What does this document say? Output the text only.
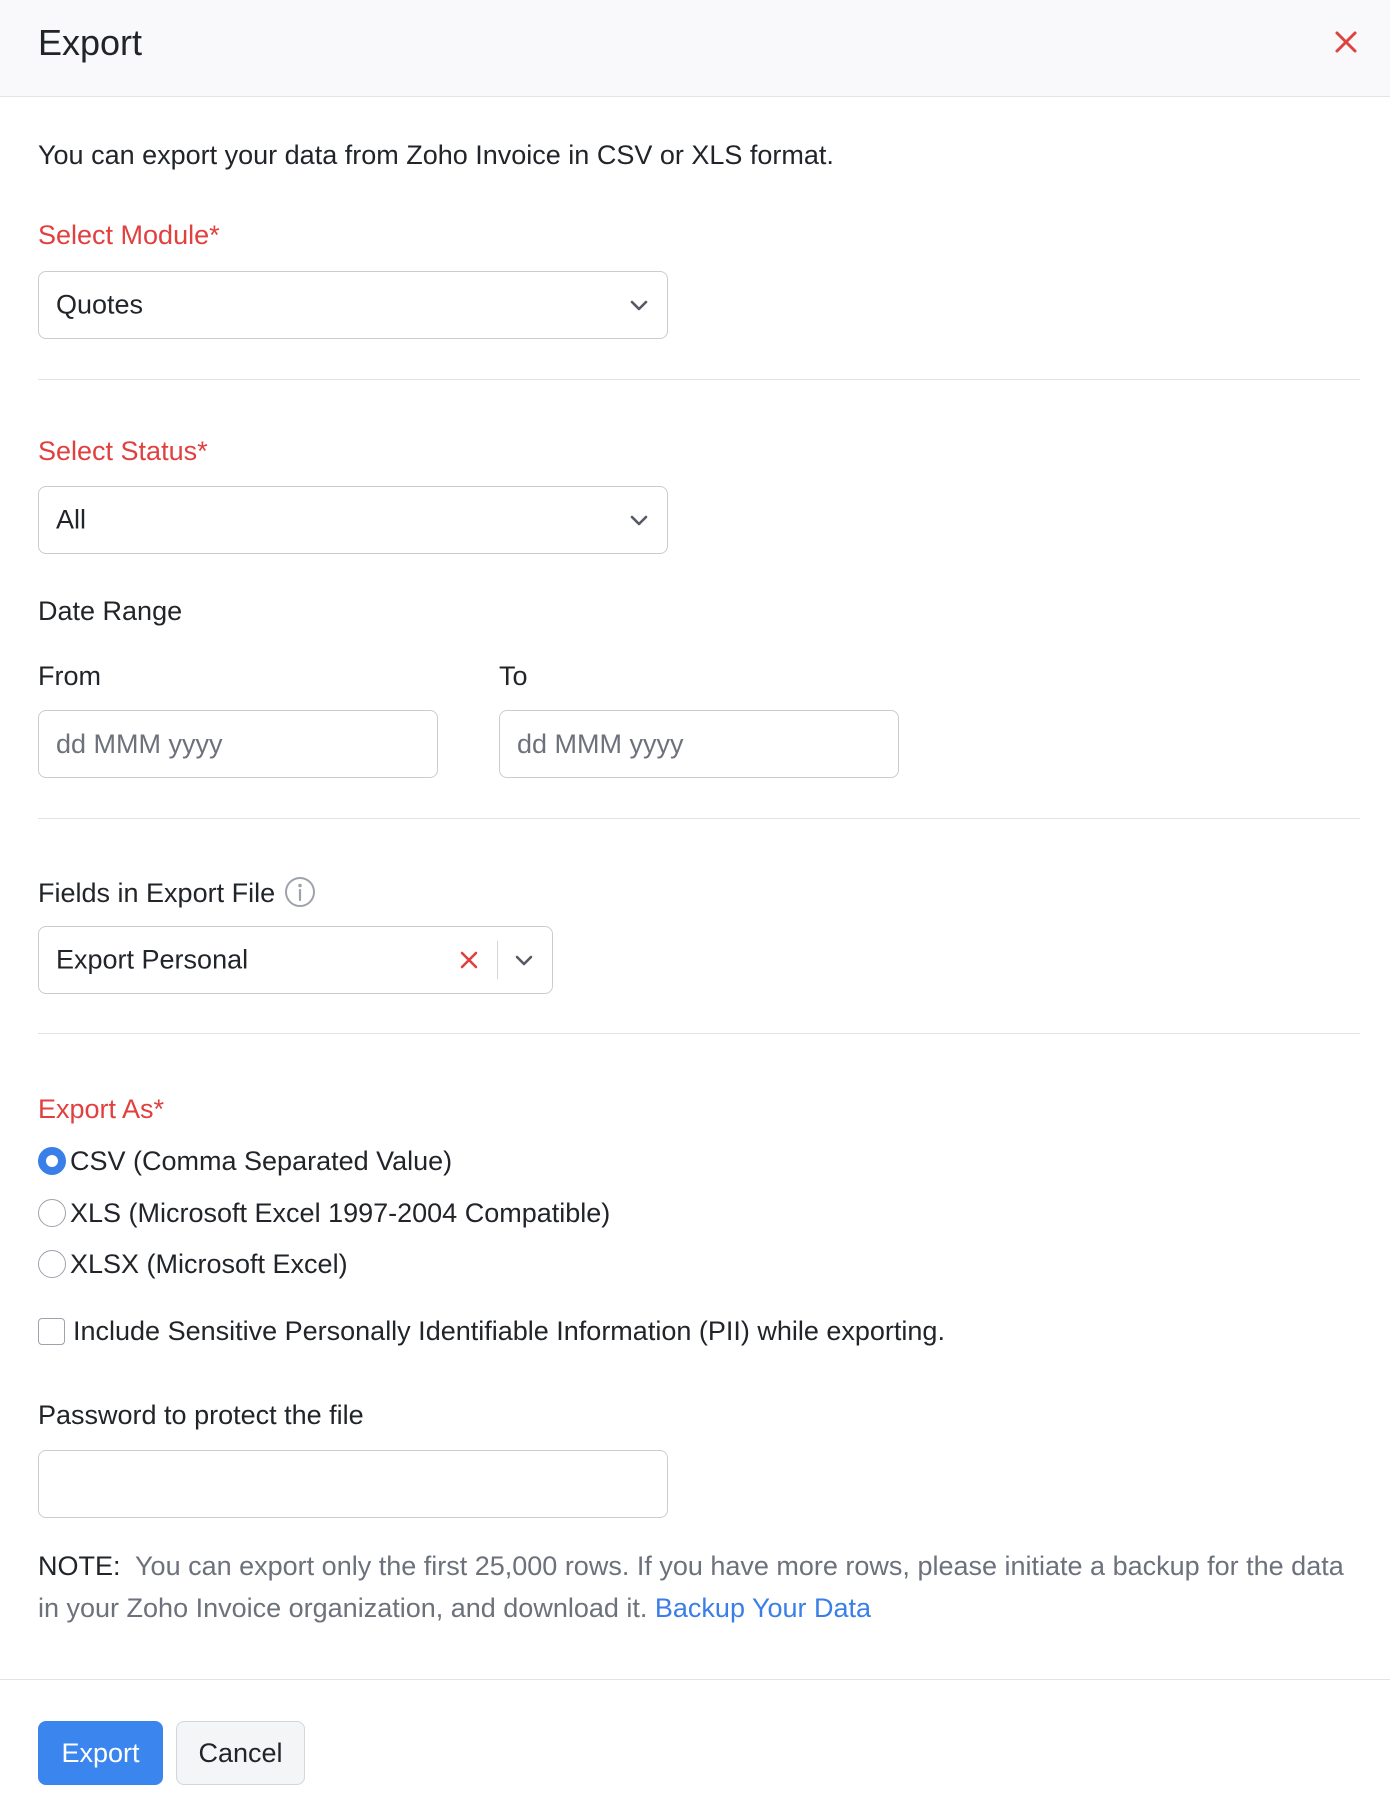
Export
You can export your data from Zoho Invoice in CSV or XLS format.
Select Module*
Quotes
Select Status*
All
Date Range
From	To
dd MMM yyyy
dd MMM yyyy
Fields in Export File
Export Personal
Export As*
CSV (Comma Separated Value)
XLS (Microsoft Excel 1997-2004 Compatible)
XLSX (Microsoft Excel)
Include Sensitive Personally Identifiable Information (PII) while exporting.
Password to protect the file
NOTE: You can export only the first 25,000 rows. If you have more rows, please initiate a backup for the data in your Zoho Invoice organization, and download it. Backup Your Data
Export	Cancel
